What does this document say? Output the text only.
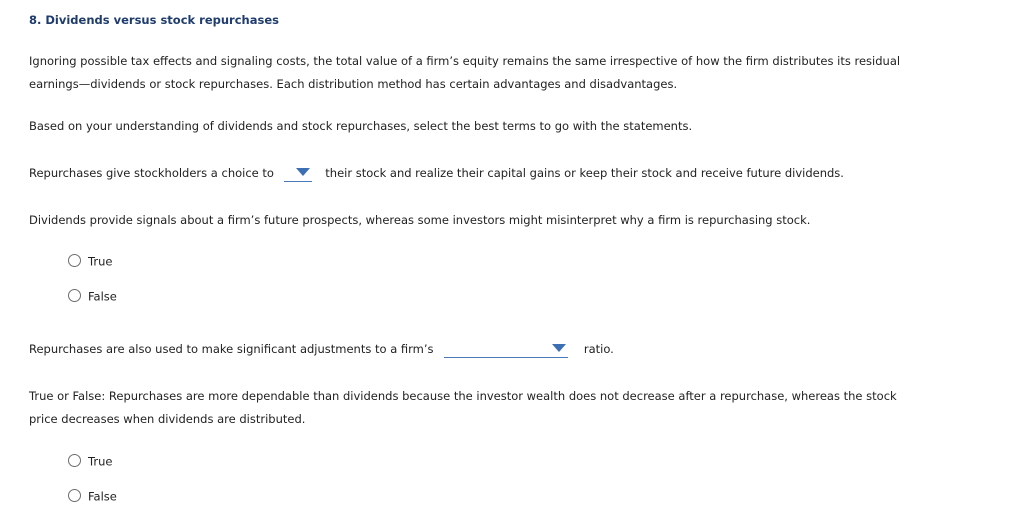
8. Dividends versus stock repurchases
Ignoring possible tax effects and signaling costs, the total value of a firm’s equity remains the same irrespective of how the firm distributes its residual
earnings—dividends or stock repurchases. Each distribution method has certain advantages and disadvantages.
Based on your understanding of dividends and stock repurchases, select the best terms to go with the statements.
Repurchases give stockholders a choice to	their stock and realize their capital gains or keep their stock and receive future dividends.
Dividends provide signals about a firm’s future prospects, whereas some investors might misinterpret why a firm is repurchasing stock.
True
False
Repurchases are also used to make significant adjustments to a firm’s	ratio.
True or False: Repurchases are more dependable than dividends because the investor wealth does not decrease after a repurchase, whereas the stock
price decreases when dividends are distributed.
True
False
